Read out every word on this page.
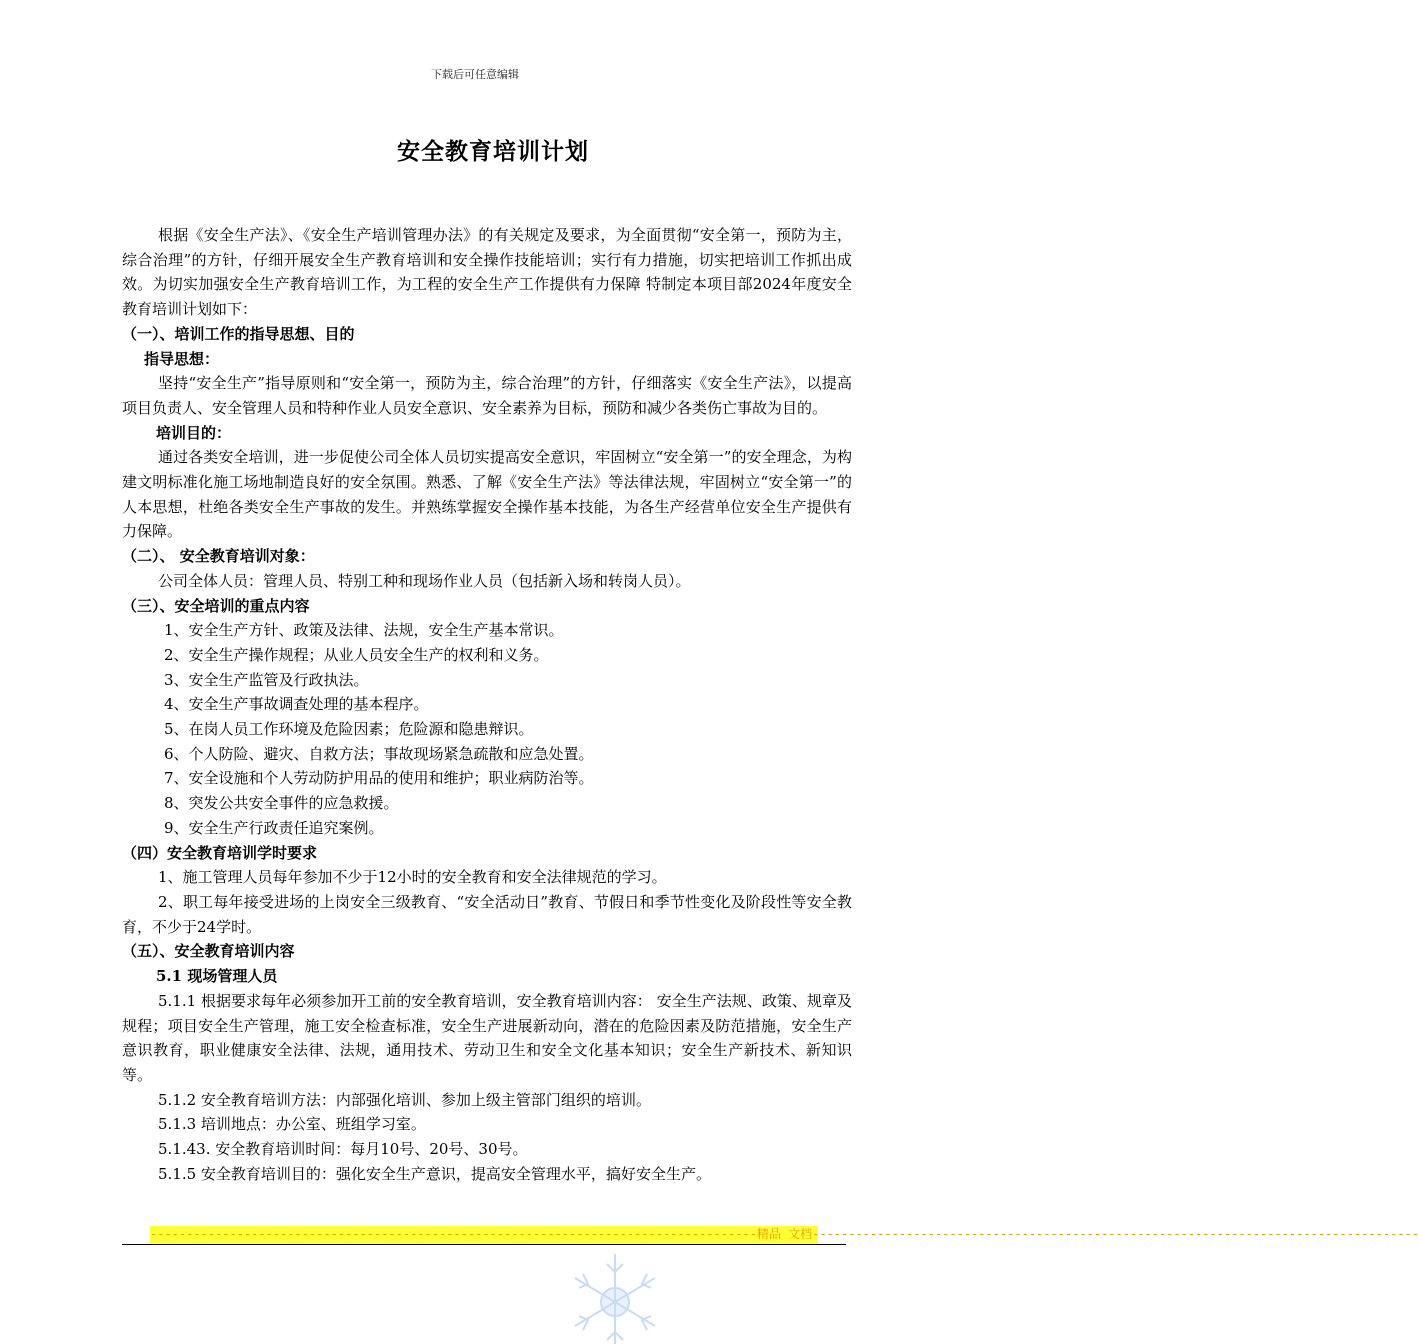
下载后可任意编辑
安全教育培训计划

根据《安全生产法》、《安全生产培训管理办法》的有关规定及要求，为全面贯彻“安全第一，预防为主，综合治理”的方针，仔细开展安全生产教育培训和安全操作技能培训；实行有力措施，切实把培训工作抓出成效。为切实加强安全生产教育培训工作，为工程的安全生产工作提供有力保障 特制定本项目部2024年度安全教育培训计划如下：

（一）、培训工作的指导思想、目的

指导思想：

坚持“安全生产”指导原则和“安全第一，预防为主，综合治理”的方针，仔细落实《安全生产法》，以提高项目负责人、安全管理人员和特种作业人员安全意识、安全素养为目标，预防和减少各类伤亡事故为目的。

培训目的：

通过各类安全培训，进一步促使公司全体人员切实提高安全意识，牢固树立“安全第一”的安全理念，为构建文明标准化施工场地制造良好的安全氛围。熟悉、了解《安全生产法》等法律法规，牢固树立“安全第一”的人本思想，杜绝各类安全生产事故的发生。并熟练掌握安全操作基本技能，为各生产经营单位安全生产提供有力保障。

（二）、 安全教育培训对象：

公司全体人员：管理人员、特别工种和现场作业人员（包括新入场和转岗人员）。

（三）、安全培训的重点内容

1、安全生产方针、政策及法律、法规，安全生产基本常识。

2、安全生产操作规程；从业人员安全生产的权利和义务。

3、安全生产监管及行政执法。

4、安全生产事故调查处理的基本程序。

5、在岗人员工作环境及危险因素；危险源和隐患辩识。

6、个人防险、避灾、自救方法；事故现场紧急疏散和应急处置。

7、安全设施和个人劳动防护用品的使用和维护；职业病防治等。

8、突发公共安全事件的应急救援。

9、安全生产行政责任追究案例。

（四）安全教育培训学时要求

1、施工管理人员每年参加不少于12小时的安全教育和安全法律规范的学习。

2、职工每年接受进场的上岗安全三级教育、“安全活动日”教育、节假日和季节性变化及阶段性等安全教育，不少于24学时。

（五）、安全教育培训内容

5.1 现场管理人员

5.1.1 根据要求每年必须参加开工前的安全教育培训，安全教育培训内容： 安全生产法规、政策、规章及规程；项目安全生产管理，施工安全检查标准，安全生产进展新动向，潜在的危险因素及防范措施，安全生产意识教育，职业健康安全法律、法规，通用技术、劳动卫生和安全文化基本知识；安全生产新技术、新知识等。

5.1.2 安全教育培训方法：内部强化培训、参加上级主管部门组织的培训。

5.1.3 培训地点：办公室、班组学习室。

5.1.43. 安全教育培训时间：每月10号、20号、30号。

5.1.5 安全教育培训目的：强化安全生产意识，提高安全管理水平，搞好安全生产。

------------------------------------------------------------------------------------精品 文档------------------------------------------------------------------------------------
